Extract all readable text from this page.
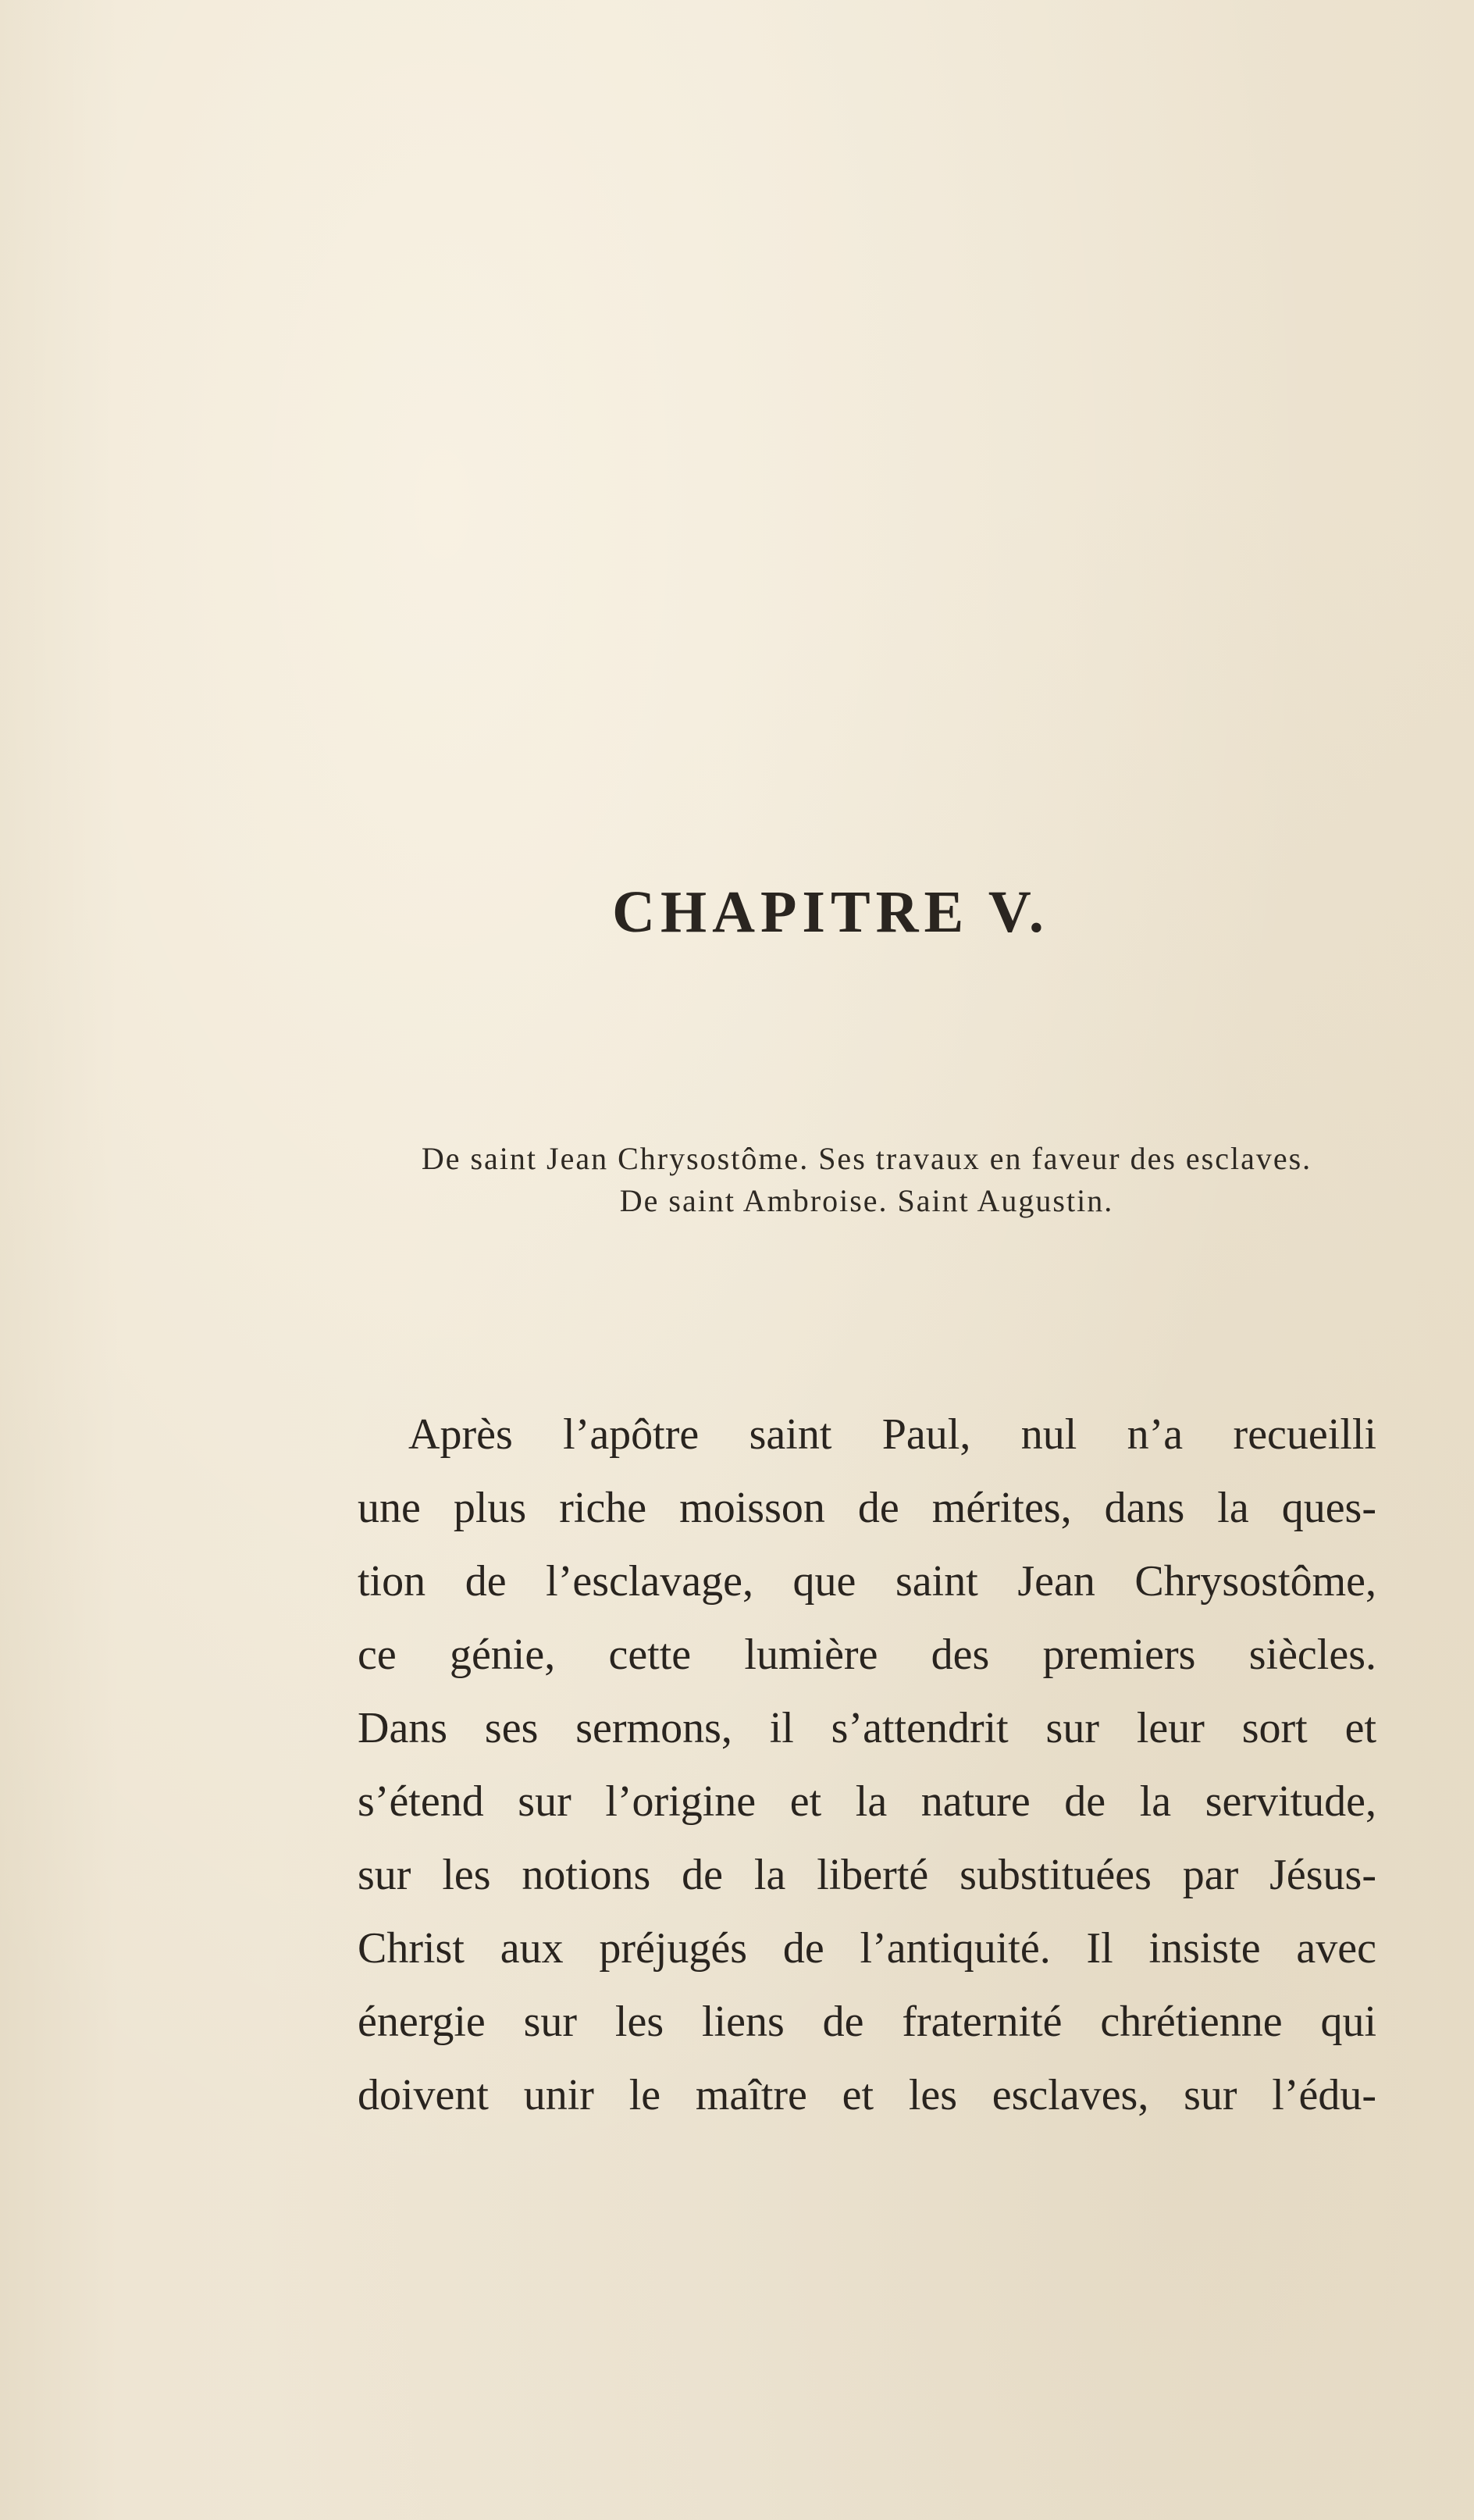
CHAPITRE V.
De saint Jean Chrysostôme. Ses travaux en faveur des esclaves.
De saint Ambroise. Saint Augustin.
Après l’apôtre saint Paul, nul n’a recueilli
une plus riche moisson de mérites, dans la ques-
tion de l’esclavage, que saint Jean Chrysostôme,
ce génie, cette lumière des premiers siècles.
Dans ses sermons, il s’attendrit sur leur sort et
s’étend sur l’origine et la nature de la servitude,
sur les notions de la liberté substituées par Jésus-
Christ aux préjugés de l’antiquité. Il insiste avec
énergie sur les liens de fraternité chrétienne qui
doivent unir le maître et les esclaves, sur l’édu-
